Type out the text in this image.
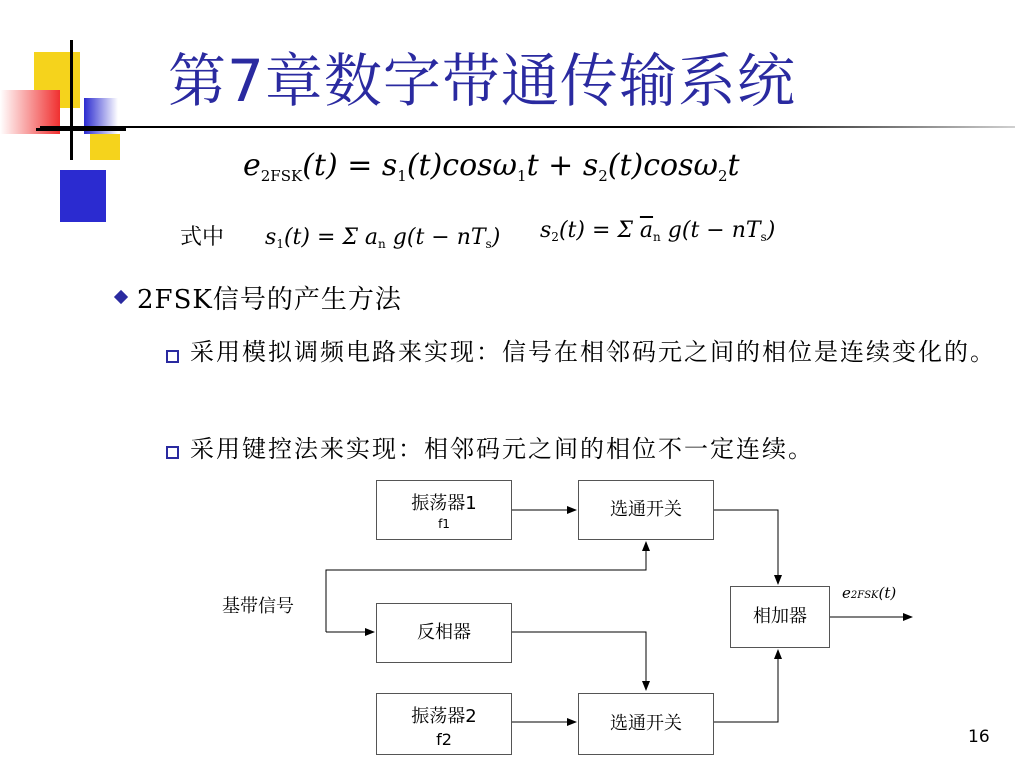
第7章数字带通传输系统
$e_{2FSK}(t) = s_1(t)\cos\omega_1t + s_2(t)\cos\omega_2t$
式中 s1(t) = Σ an g(t − nTs) s2(t) = Σ $\overline{a}n$ g(t − nTs)
2FSK信号的产生方法
采用模拟调频电路来实现：信号在相邻码元之间的相位是连续变化的。
采用键控法来实现：相邻码元之间的相位不一定连续。
振荡器1
f1
选通开关
反相器
振荡器2
f2
选通开关
相加器
基带信号
e2FSK(t)
16
